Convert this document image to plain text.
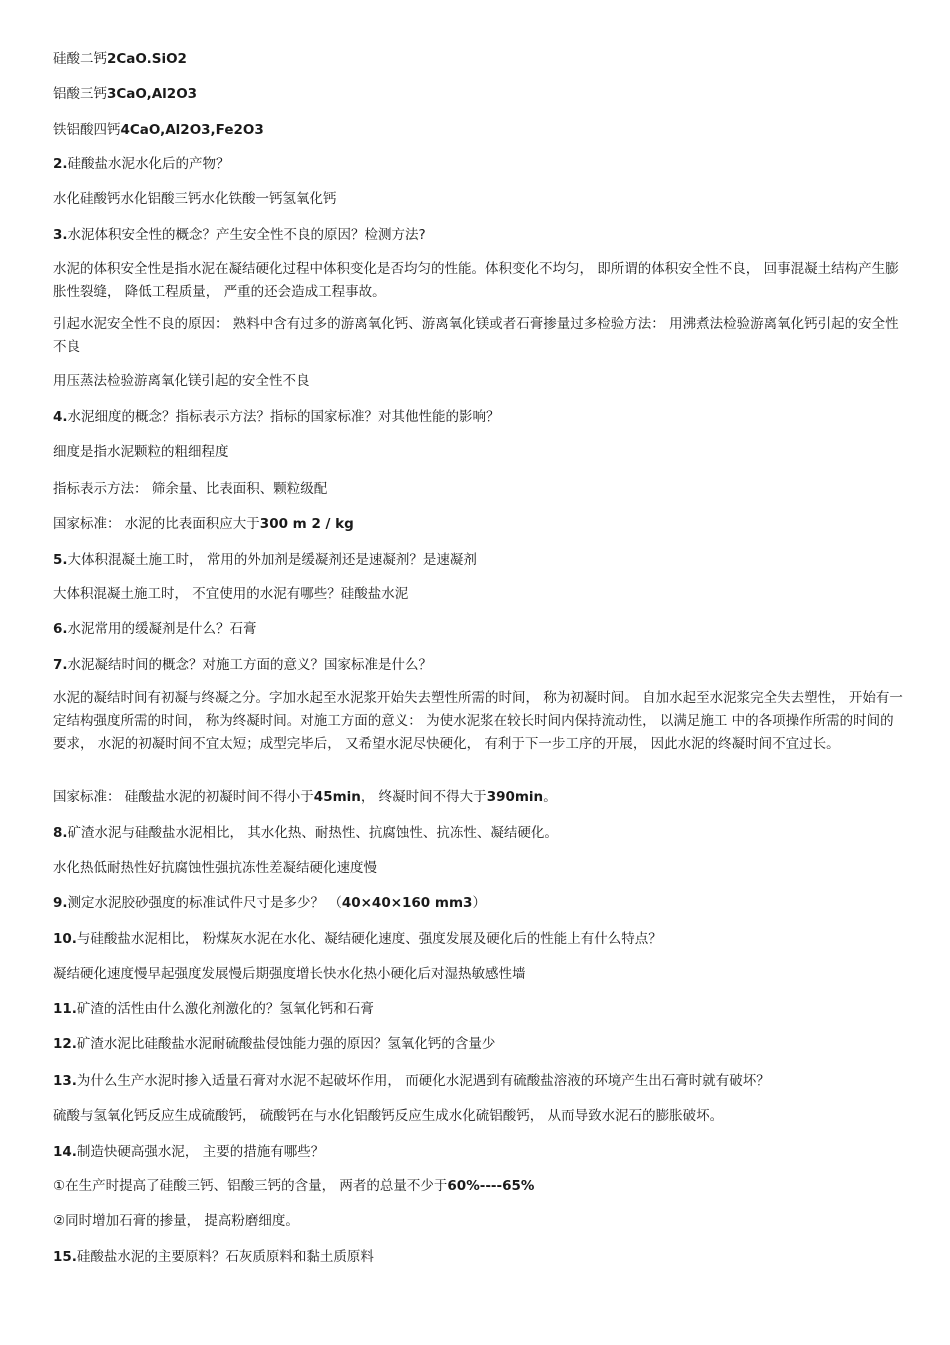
硅酸二钙2CaO.SiO2
铝酸三钙3CaO,Al2O3
铁铝酸四钙4CaO,Al2O3,Fe2O3
2.硅酸盐水泥水化后的产物？
水化硅酸钙水化铝酸三钙水化铁酸一钙氢氧化钙
3.水泥体积安全性的概念？产生安全性不良的原因？检测方法?
水泥的体积安全性是指水泥在凝结硬化过程中体积变化是否均匀的性能。体积变化不均匀， 即所谓的体积安全性不良， 回事混凝土结构产生膨胀性裂缝， 降低工程质量， 严重的还会造成工程事故。
引起水泥安全性不良的原因： 熟料中含有过多的游离氧化钙、游离氧化镁或者石膏掺量过多检验方法： 用沸煮法检验游离氧化钙引起的安全性不良
用压蒸法检验游离氧化镁引起的安全性不良
4.水泥细度的概念？指标表示方法？指标的国家标准？对其他性能的影响？
细度是指水泥颗粒的粗细程度
指标表示方法： 筛余量、比表面积、颗粒级配
国家标准： 水泥的比表面积应大于300 m 2 / kg
5.大体积混凝土施工时， 常用的外加剂是缓凝剂还是速凝剂？是速凝剂
大体积混凝土施工时， 不宜使用的水泥有哪些？硅酸盐水泥
6.水泥常用的缓凝剂是什么？石膏
7.水泥凝结时间的概念？对施工方面的意义？国家标准是什么？
水泥的凝结时间有初凝与终凝之分。字加水起至水泥浆开始失去塑性所需的时间， 称为初凝时间。 自加水起至水泥浆完全失去塑性， 开始有一定结构强度所需的时间， 称为终凝时间。对施工方面的意义： 为使水泥浆在较长时间内保持流动性， 以满足施工 中的各项操作所需的时间的要求， 水泥的初凝时间不宜太短；成型完毕后， 又希望水泥尽快硬化， 有利于下一步工序的开展， 因此水泥的终凝时间不宜过长。
国家标准： 硅酸盐水泥的初凝时间不得小于45min， 终凝时间不得大于390min。
8.矿渣水泥与硅酸盐水泥相比， 其水化热、耐热性、抗腐蚀性、抗冻性、凝结硬化。
水化热低耐热性好抗腐蚀性强抗冻性差凝结硬化速度慢
9.测定水泥胶砂强度的标准试件尺寸是多少？ （40×40×160 mm3）
10.与硅酸盐水泥相比， 粉煤灰水泥在水化、凝结硬化速度、强度发展及硬化后的性能上有什么特点？
凝结硬化速度慢早起强度发展慢后期强度增长快水化热小硬化后对湿热敏感性墙
11.矿渣的活性由什么激化剂激化的？氢氧化钙和石膏
12.矿渣水泥比硅酸盐水泥耐硫酸盐侵蚀能力强的原因？氢氧化钙的含量少
13.为什么生产水泥时掺入适量石膏对水泥不起破坏作用， 而硬化水泥遇到有硫酸盐溶液的环境产生出石膏时就有破坏？
硫酸与氢氧化钙反应生成硫酸钙， 硫酸钙在与水化铝酸钙反应生成水化硫铝酸钙， 从而导致水泥石的膨胀破坏。
14.制造快硬高强水泥， 主要的措施有哪些？
①在生产时提高了硅酸三钙、铝酸三钙的含量， 两者的总量不少于60%----65%
②同时增加石膏的掺量， 提高粉磨细度。
15.硅酸盐水泥的主要原料？石灰质原料和黏土质原料
